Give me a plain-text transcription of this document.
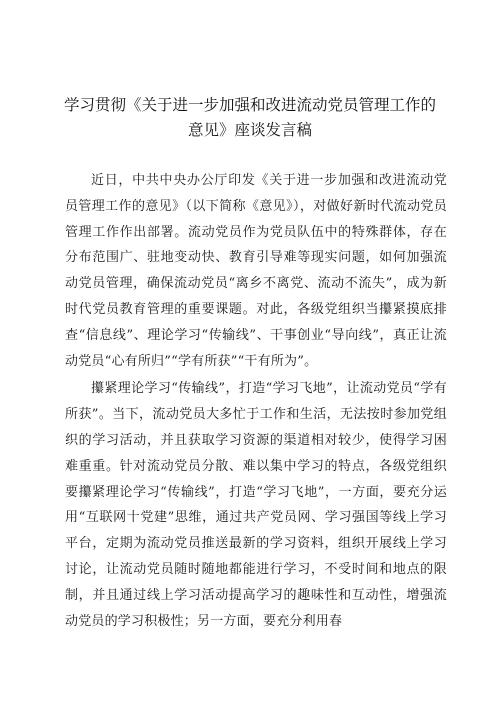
学习贯彻《关于进一步加强和改进流动党员管理工作的
意见》座谈发言稿

近日，中共中央办公厅印发《关于进一步加强和改进流动党员管理工作的意见》（以下简称《意见》），对做好新时代流动党员管理工作作出部署。流动党员作为党员队伍中的特殊群体，存在分布范围广、驻地变动快、教育引导难等现实问题，如何加强流动党员管理，确保流动党员“离乡不离党、流动不流失”，成为新时代党员教育管理的重要课题。对此，各级党组织当攥紧摸底排查“信息线”、理论学习“传输线”、干事创业“导向线”，真正让流动党员“心有所归”“学有所获”“干有所为”。

攥紧理论学习“传输线”，打造“学习飞地”，让流动党员“学有所获”。当下，流动党员大多忙于工作和生活，无法按时参加党组织的学习活动，并且获取学习资源的渠道相对较少，使得学习困难重重。针对流动党员分散、难以集中学习的特点，各级党组织要攥紧理论学习“传输线”，打造“学习飞地”，一方面，要充分运用“互联网十党建”思维，通过共产党员网、学习强国等线上学习平台，定期为流动党员推送最新的学习资料，组织开展线上学习讨论，让流动党员随时随地都能进行学习，不受时间和地点的限制，并且通过线上学习活动提高学习的趣味性和互动性，增强流动党员的学习积极性；另一方面，要充分利用春
